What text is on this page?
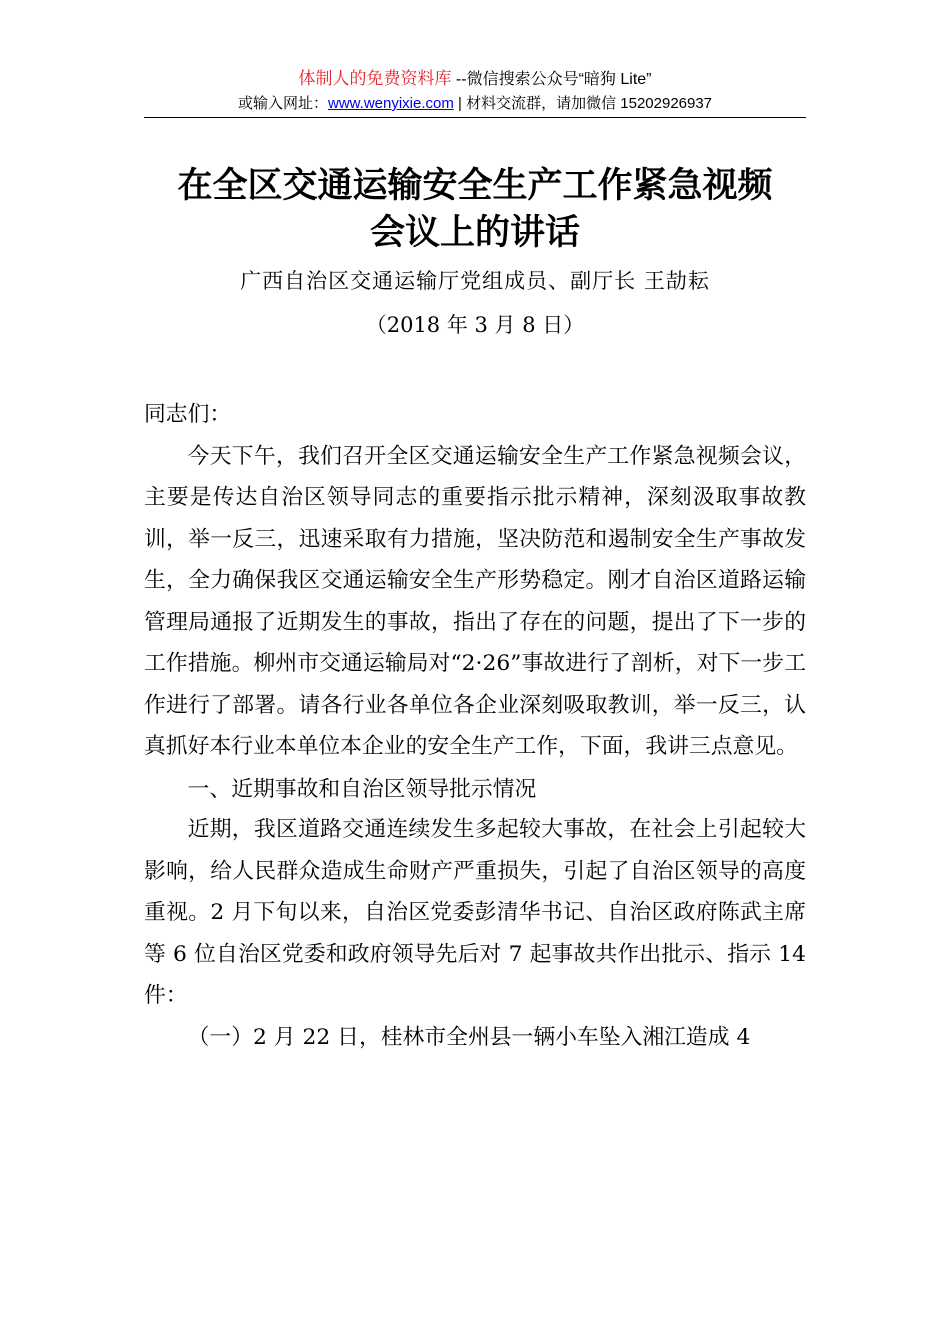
体制人的免费资料库 --微信搜索公众号“暗狗 Lite”
或输入网址：www.wenyixie.com | 材料交流群，请加微信 15202926937
在全区交通运输安全生产工作紧急视频
会议上的讲话
广西自治区交通运输厅党组成员、副厅长 王劼耘
（2018 年 3 月 8 日）

同志们：

今天下午，我们召开全区交通运输安全生产工作紧急视频会议，主要是传达自治区领导同志的重要指示批示精神，深刻汲取事故教训，举一反三，迅速采取有力措施，坚决防范和遏制安全生产事故发生，全力确保我区交通运输安全生产形势稳定。刚才自治区道路运输管理局通报了近期发生的事故，指出了存在的问题，提出了下一步的工作措施。柳州市交通运输局对“2·26”事故进行了剖析，对下一步工作进行了部署。请各行业各单位各企业深刻吸取教训，举一反三，认真抓好本行业本单位本企业的安全生产工作，下面，我讲三点意见。

一、近期事故和自治区领导批示情况

近期，我区道路交通连续发生多起较大事故，在社会上引起较大影响，给人民群众造成生命财产严重损失，引起了自治区领导的高度重视。2 月下旬以来，自治区党委彭清华书记、自治区政府陈武主席等 6 位自治区党委和政府领导先后对 7 起事故共作出批示、指示 14 件：

（一）2 月 22 日，桂林市全州县一辆小车坠入湘江造成 4
